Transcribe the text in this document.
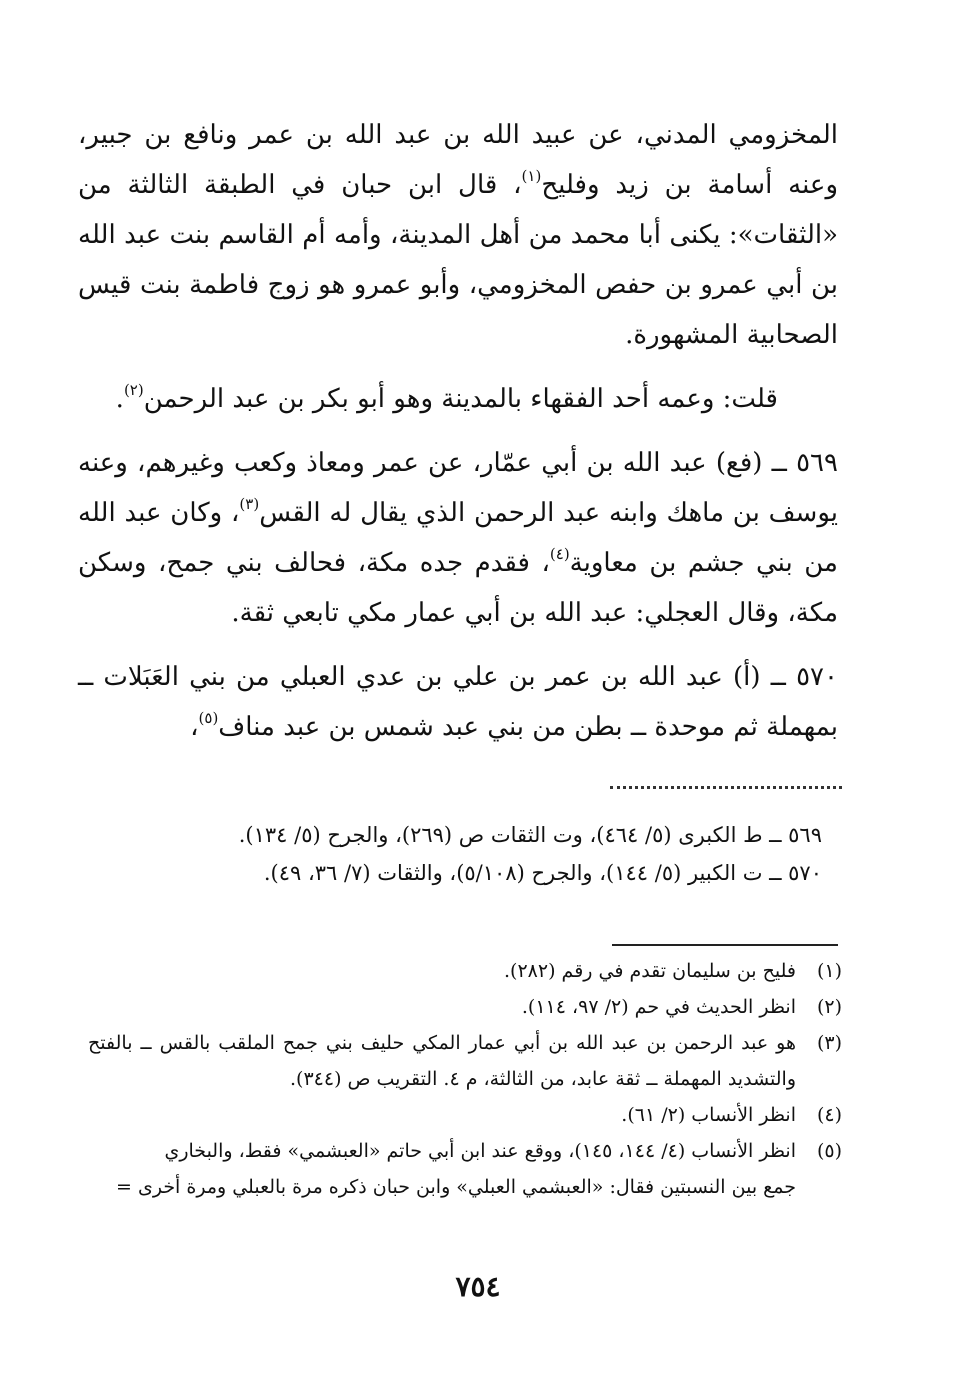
المخزومي المدني، عن عبيد الله بن عبد الله بن عمر ونافع بن جبير، وعنه أسامة بن زيد وفليح$^{(١)}$، قال ابن حبان في الطبقة الثالثة من «الثقات»: يكنى أبا محمد من أهل المدينة، وأمه أم القاسم بنت عبد الله بن أبي عمرو بن حفص المخزومي، وأبو عمرو هو زوج فاطمة بنت قيس الصحابية المشهورة.

قلت: وعمه أحد الفقهاء بالمدينة وهو أبو بكر بن عبد الرحمن$^{(٢)}$.

٥٦٩ ــ (فع) عبد الله بن أبي عمّار، عن عمر ومعاذ وكعب وغيرهم، وعنه يوسف بن ماهك وابنه عبد الرحمن الذي يقال له القس$^{(٣)}$، وكان عبد الله من بني جشم بن معاوية$^{(٤)}$، فقدم جده مكة، فحالف بني جمح، وسكن مكة، وقال العجلي: عبد الله بن أبي عمار مكي تابعي ثقة.

٥٧٠ ــ (أ) عبد الله بن عمر بن علي بن عدي العبلي من بني العَبَلات ــ بمهملة ثم موحدة ــ بطن من بني عبد شمس بن عبد مناف$^{(٥)}$،

٥٦٩ ــ ط الكبرى (٥/ ٤٦٤)، وت الثقات ص (٢٦٩)، والجرح (٥/ ١٣٤).
٥٧٠ ــ ت الكبير (٥/ ١٤٤)، والجرح (٥/١٠٨)، والثقات (٧/ ٣٦، ٤٩).
(١)
فليح بن سليمان تقدم في رقم (٢٨٢).
(٢)
انظر الحديث في حم (٢/ ٩٧، ١١٤).
(٣)
هو عبد الرحمن بن عبد الله بن أبي عمار المكي حليف بني جمح الملقب بالقس ــ بالفتح والتشديد المهملة ــ ثقة عابد، من الثالثة، م ٤. التقريب ص (٣٤٤).
(٤)
انظر الأنساب (٢/ ٦١).
(٥)
انظر الأنساب (٤/ ١٤٤، ١٤٥)، ووقع عند ابن أبي حاتم «العبشمي» فقط، والبخاري
جمع بين النسبتين فقال: «العبشمي العبلي» وابن حبان ذكره مرة بالعبلي ومرة أخرى =
٧٥٤
